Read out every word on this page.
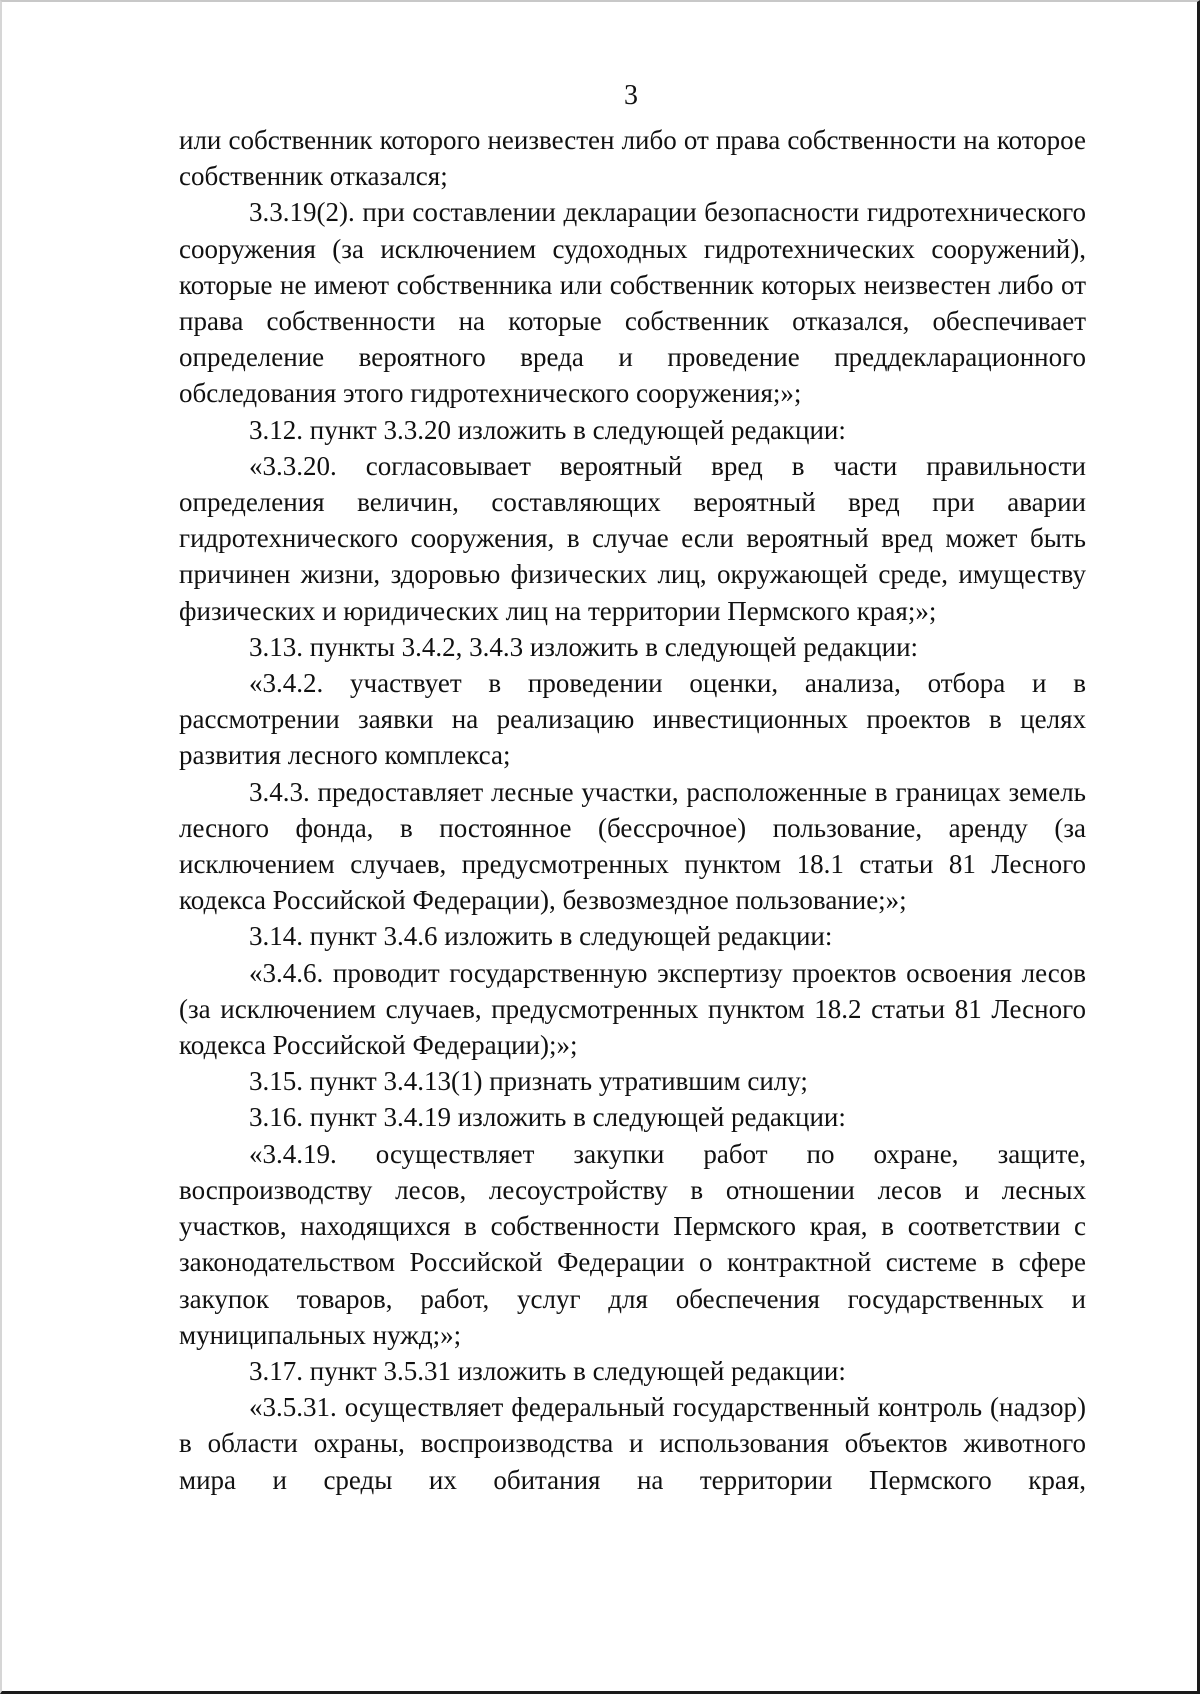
3

или собственник которого неизвестен либо от права собственности на которое собственник отказался;

3.3.19(2). при составлении декларации безопасности гидротехнического сооружения (за исключением судоходных гидротехнических сооружений), которые не имеют собственника или собственник которых неизвестен либо от права собственности на которые собственник отказался, обеспечивает определение вероятного вреда и проведение преддекларационного обследования этого гидротехнического сооружения;»;

3.12. пункт 3.3.20 изложить в следующей редакции:

«3.3.20. согласовывает вероятный вред в части правильности определения величин, составляющих вероятный вред при аварии гидротехнического сооружения, в случае если вероятный вред может быть причинен жизни, здоровью физических лиц, окружающей среде, имуществу физических и юридических лиц на территории Пермского края;»;

3.13. пункты 3.4.2, 3.4.3 изложить в следующей редакции:

«3.4.2. участвует в проведении оценки, анализа, отбора и в рассмотрении заявки на реализацию инвестиционных проектов в целях развития лесного комплекса;

3.4.3. предоставляет лесные участки, расположенные в границах земель лесного фонда, в постоянное (бессрочное) пользование, аренду (за исключением случаев, предусмотренных пунктом 18.1 статьи 81 Лесного кодекса Российской Федерации), безвозмездное пользование;»;

3.14. пункт 3.4.6 изложить в следующей редакции:

«3.4.6. проводит государственную экспертизу проектов освоения лесов (за исключением случаев, предусмотренных пунктом 18.2 статьи 81 Лесного кодекса Российской Федерации);»;

3.15. пункт 3.4.13(1) признать утратившим силу;

3.16. пункт 3.4.19 изложить в следующей редакции:

«3.4.19. осуществляет закупки работ по охране, защите, воспроизводству лесов, лесоустройству в отношении лесов и лесных участков, находящихся в собственности Пермского края, в соответствии с законодательством Российской Федерации о контрактной системе в сфере закупок товаров, работ, услуг для обеспечения государственных и муниципальных нужд;»;

3.17. пункт 3.5.31 изложить в следующей редакции:

«3.5.31. осуществляет федеральный государственный контроль (надзор) в области охраны, воспроизводства и использования объектов животного мира и среды их обитания на территории Пермского края,
